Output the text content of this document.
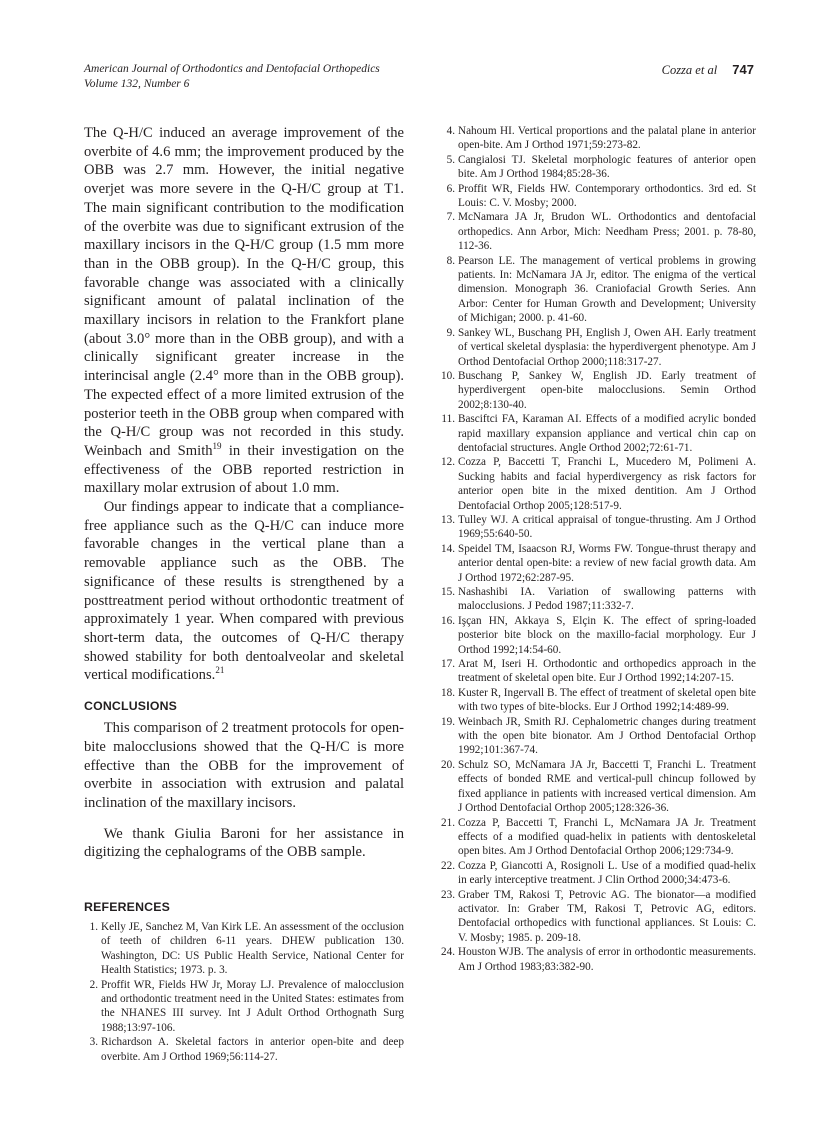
American Journal of Orthodontics and Dentofacial Orthopedics
Volume 132, Number 6
Cozza et al 747

The Q-H/C induced an average improvement of the overbite of 4.6 mm; the improvement produced by the OBB was 2.7 mm. However, the initial negative overjet was more severe in the Q-H/C group at T1. The main significant contribution to the modification of the overbite was due to significant extrusion of the maxillary incisors in the Q-H/C group (1.5 mm more than in the OBB group). In the Q-H/C group, this favorable change was associated with a clinically significant amount of palatal inclination of the maxillary incisors in relation to the Frankfort plane (about 3.0° more than in the OBB group), and with a clinically significant greater increase in the interincisal angle (2.4° more than in the OBB group). The expected effect of a more limited extrusion of the posterior teeth in the OBB group when compared with the Q-H/C group was not recorded in this study. Weinbach and Smith$^{19}$ in their investigation on the effectiveness of the OBB reported restriction in maxillary molar extrusion of about 1.0 mm.

Our findings appear to indicate that a compliance-free appliance such as the Q-H/C can induce more favorable changes in the vertical plane than a removable appliance such as the OBB. The significance of these results is strengthened by a posttreatment period without orthodontic treatment of approximately 1 year. When compared with previous short-term data, the outcomes of Q-H/C therapy showed stability for both dentoalveolar and skeletal vertical modifications.$^{21}$

CONCLUSIONS

This comparison of 2 treatment protocols for open-bite malocclusions showed that the Q-H/C is more effective than the OBB for the improvement of overbite in association with extrusion and palatal inclination of the maxillary incisors.

We thank Giulia Baroni for her assistance in digitizing the cephalograms of the OBB sample.

REFERENCES
1. Kelly JE, Sanchez M, Van Kirk LE. An assessment of the occlusion of teeth of children 6-11 years. DHEW publication 130. Washington, DC: US Public Health Service, National Center for Health Statistics; 1973. p. 3.
2. Proffit WR, Fields HW Jr, Moray LJ. Prevalence of malocclusion and orthodontic treatment need in the United States: estimates from the NHANES III survey. Int J Adult Orthod Orthognath Surg 1988;13:97-106.
3. Richardson A. Skeletal factors in anterior open-bite and deep overbite. Am J Orthod 1969;56:114-27.
4. Nahoum HI. Vertical proportions and the palatal plane in anterior open-bite. Am J Orthod 1971;59:273-82.
5. Cangialosi TJ. Skeletal morphologic features of anterior open bite. Am J Orthod 1984;85:28-36.
6. Proffit WR, Fields HW. Contemporary orthodontics. 3rd ed. St Louis: C. V. Mosby; 2000.
7. McNamara JA Jr, Brudon WL. Orthodontics and dentofacial orthopedics. Ann Arbor, Mich: Needham Press; 2001. p. 78-80, 112-36.
8. Pearson LE. The management of vertical problems in growing patients. In: McNamara JA Jr, editor. The enigma of the vertical dimension. Monograph 36. Craniofacial Growth Series. Ann Arbor: Center for Human Growth and Development; University of Michigan; 2000. p. 41-60.
9. Sankey WL, Buschang PH, English J, Owen AH. Early treatment of vertical skeletal dysplasia: the hyperdivergent phenotype. Am J Orthod Dentofacial Orthop 2000;118:317-27.
10. Buschang P, Sankey W, English JD. Early treatment of hyperdivergent open-bite malocclusions. Semin Orthod 2002;8:130-40.
11. Basciftci FA, Karaman AI. Effects of a modified acrylic bonded rapid maxillary expansion appliance and vertical chin cap on dentofacial structures. Angle Orthod 2002;72:61-71.
12. Cozza P, Baccetti T, Franchi L, Mucedero M, Polimeni A. Sucking habits and facial hyperdivergency as risk factors for anterior open bite in the mixed dentition. Am J Orthod Dentofacial Orthop 2005;128:517-9.
13. Tulley WJ. A critical appraisal of tongue-thrusting. Am J Orthod 1969;55:640-50.
14. Speidel TM, Isaacson RJ, Worms FW. Tongue-thrust therapy and anterior dental open-bite: a review of new facial growth data. Am J Orthod 1972;62:287-95.
15. Nashashibi IA. Variation of swallowing patterns with malocclusions. J Pedod 1987;11:332-7.
16. Işçan HN, Akkaya S, Elçin K. The effect of spring-loaded posterior bite block on the maxillo-facial morphology. Eur J Orthod 1992;14:54-60.
17. Arat M, Iseri H. Orthodontic and orthopedics approach in the treatment of skeletal open bite. Eur J Orthod 1992;14:207-15.
18. Kuster R, Ingervall B. The effect of treatment of skeletal open bite with two types of bite-blocks. Eur J Orthod 1992;14:489-99.
19. Weinbach JR, Smith RJ. Cephalometric changes during treatment with the open bite bionator. Am J Orthod Dentofacial Orthop 1992;101:367-74.
20. Schulz SO, McNamara JA Jr, Baccetti T, Franchi L. Treatment effects of bonded RME and vertical-pull chincup followed by fixed appliance in patients with increased vertical dimension. Am J Orthod Dentofacial Orthop 2005;128:326-36.
21. Cozza P, Baccetti T, Franchi L, McNamara JA Jr. Treatment effects of a modified quad-helix in patients with dentoskeletal open bites. Am J Orthod Dentofacial Orthop 2006;129:734-9.
22. Cozza P, Giancotti A, Rosignoli L. Use of a modified quad-helix in early interceptive treatment. J Clin Orthod 2000;34:473-6.
23. Graber TM, Rakosi T, Petrovic AG. The bionator—a modified activator. In: Graber TM, Rakosi T, Petrovic AG, editors. Dentofacial orthopedics with functional appliances. St Louis: C. V. Mosby; 1985. p. 209-18.
24. Houston WJB. The analysis of error in orthodontic measurements. Am J Orthod 1983;83:382-90.
